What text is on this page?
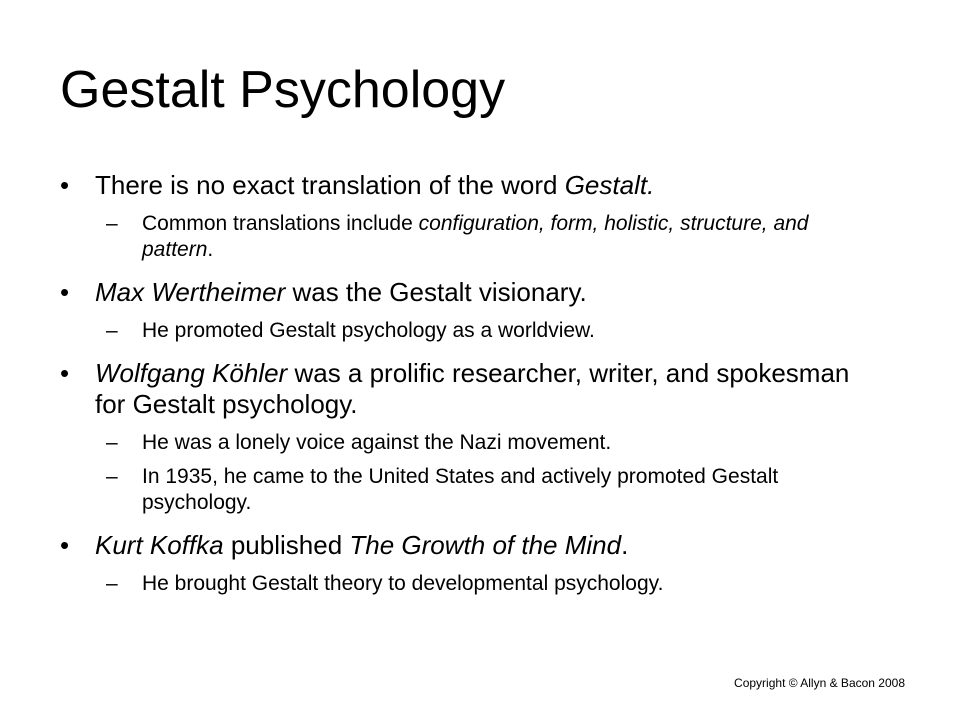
Gestalt Psychology
• There is no exact translation of the word Gestalt.
– Common translations include configuration, form, holistic, structure, and pattern.
• Max Wertheimer was the Gestalt visionary.
– He promoted Gestalt psychology as a worldview.
• Wolfgang Köhler was a prolific researcher, writer, and spokesman for Gestalt psychology.
– He was a lonely voice against the Nazi movement.
– In 1935, he came to the United States and actively promoted Gestalt psychology.
• Kurt Koffka published The Growth of the Mind.
– He brought Gestalt theory to developmental psychology.
Copyright © Allyn & Bacon 2008
